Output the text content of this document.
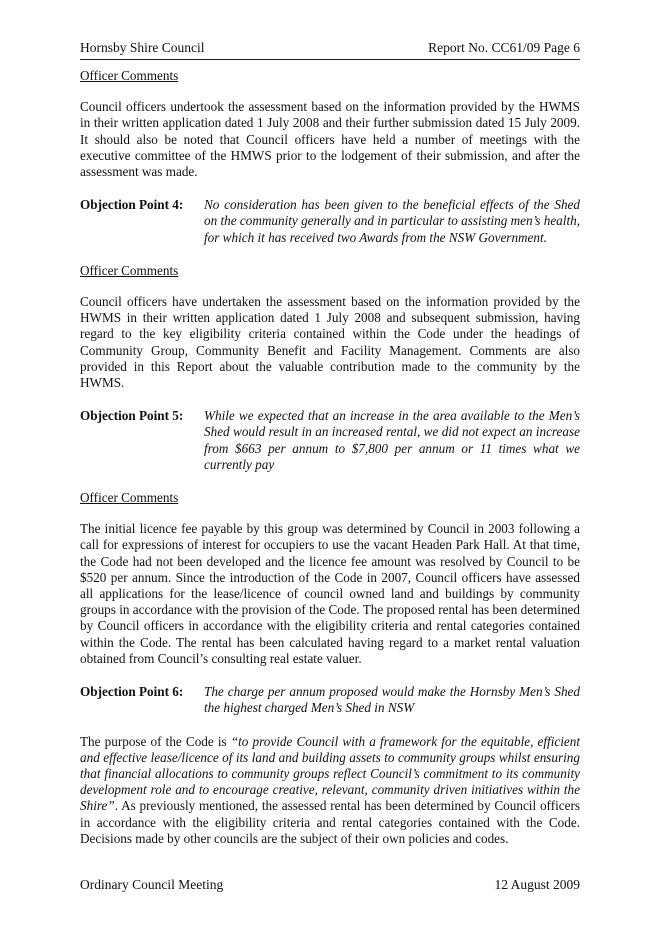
Hornsby Shire Council	Report No. CC61/09 Page 6

Officer Comments

Council officers undertook the assessment based on the information provided by the HWMS in their written application dated 1 July 2008 and their further submission dated 15 July 2009. It should also be noted that Council officers have held a number of meetings with the executive committee of the HMWS prior to the lodgement of their submission, and after the assessment was made.

Objection Point 4:	No consideration has been given to the beneficial effects of the Shed on the community generally and in particular to assisting men’s health, for which it has received two Awards from the NSW Government.

Officer Comments

Council officers have undertaken the assessment based on the information provided by the HWMS in their written application dated 1 July 2008 and subsequent submission, having regard to the key eligibility criteria contained within the Code under the headings of Community Group, Community Benefit and Facility Management. Comments are also provided in this Report about the valuable contribution made to the community by the HWMS.

Objection Point 5:	While we expected that an increase in the area available to the Men’s Shed would result in an increased rental, we did not expect an increase from $663 per annum to $7,800 per annum or 11 times what we currently pay

Officer Comments

The initial licence fee payable by this group was determined by Council in 2003 following a call for expressions of interest for occupiers to use the vacant Headen Park Hall. At that time, the Code had not been developed and the licence fee amount was resolved by Council to be $520 per annum. Since the introduction of the Code in 2007, Council officers have assessed all applications for the lease/licence of council owned land and buildings by community groups in accordance with the provision of the Code. The proposed rental has been determined by Council officers in accordance with the eligibility criteria and rental categories contained within the Code. The rental has been calculated having regard to a market rental valuation obtained from Council’s consulting real estate valuer.

Objection Point 6:	The charge per annum proposed would make the Hornsby Men’s Shed the highest charged Men’s Shed in NSW

The purpose of the Code is “to provide Council with a framework for the equitable, efficient and effective lease/licence of its land and building assets to community groups whilst ensuring that financial allocations to community groups reflect Council’s commitment to its community development role and to encourage creative, relevant, community driven initiatives within the Shire”. As previously mentioned, the assessed rental has been determined by Council officers in accordance with the eligibility criteria and rental categories contained with the Code. Decisions made by other councils are the subject of their own policies and codes.

Ordinary Council Meeting	12 August 2009
